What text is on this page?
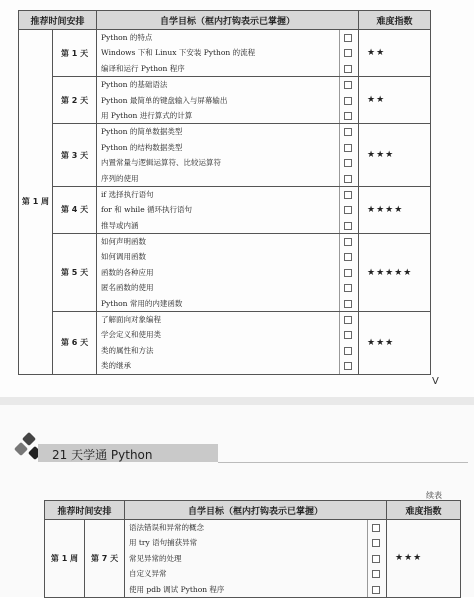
推荐时间安排		自学目标（框内打钩表示已掌握）	难度指数
第 1 周	第 1 天	Python 的特点
Windows 下和 Linux 下安装 Python 的流程
编译和运行 Python 程序	★★
	第 2 天	Python 的基础语法
Python 最简单的键盘输入与屏幕输出
用 Python 进行算式的计算	★★
	第 3 天	Python 的简单数据类型
Python 的结构数据类型
内置常量与逻辑运算符、比较运算符
序列的使用	★★★
	第 4 天	if 选择执行语句
for 和 while 循环执行语句
推导或内涵	★★★★
	第 5 天	如何声明函数
如何调用函数
函数的各种应用
匿名函数的使用
Python 常用的内建函数	★★★★★
	第 6 天	了解面向对象编程
学会定义和使用类
类的属性和方法
类的继承	★★★
V
21 天学通 Python
续表
推荐时间安排		自学目标（框内打钩表示已掌握）	难度指数
第 1 周	第 7 天	语法错误和异常的概念
用 try 语句捕获异常
常见异常的处理
自定义异常
使用 pdb 调试 Python 程序	★★★
